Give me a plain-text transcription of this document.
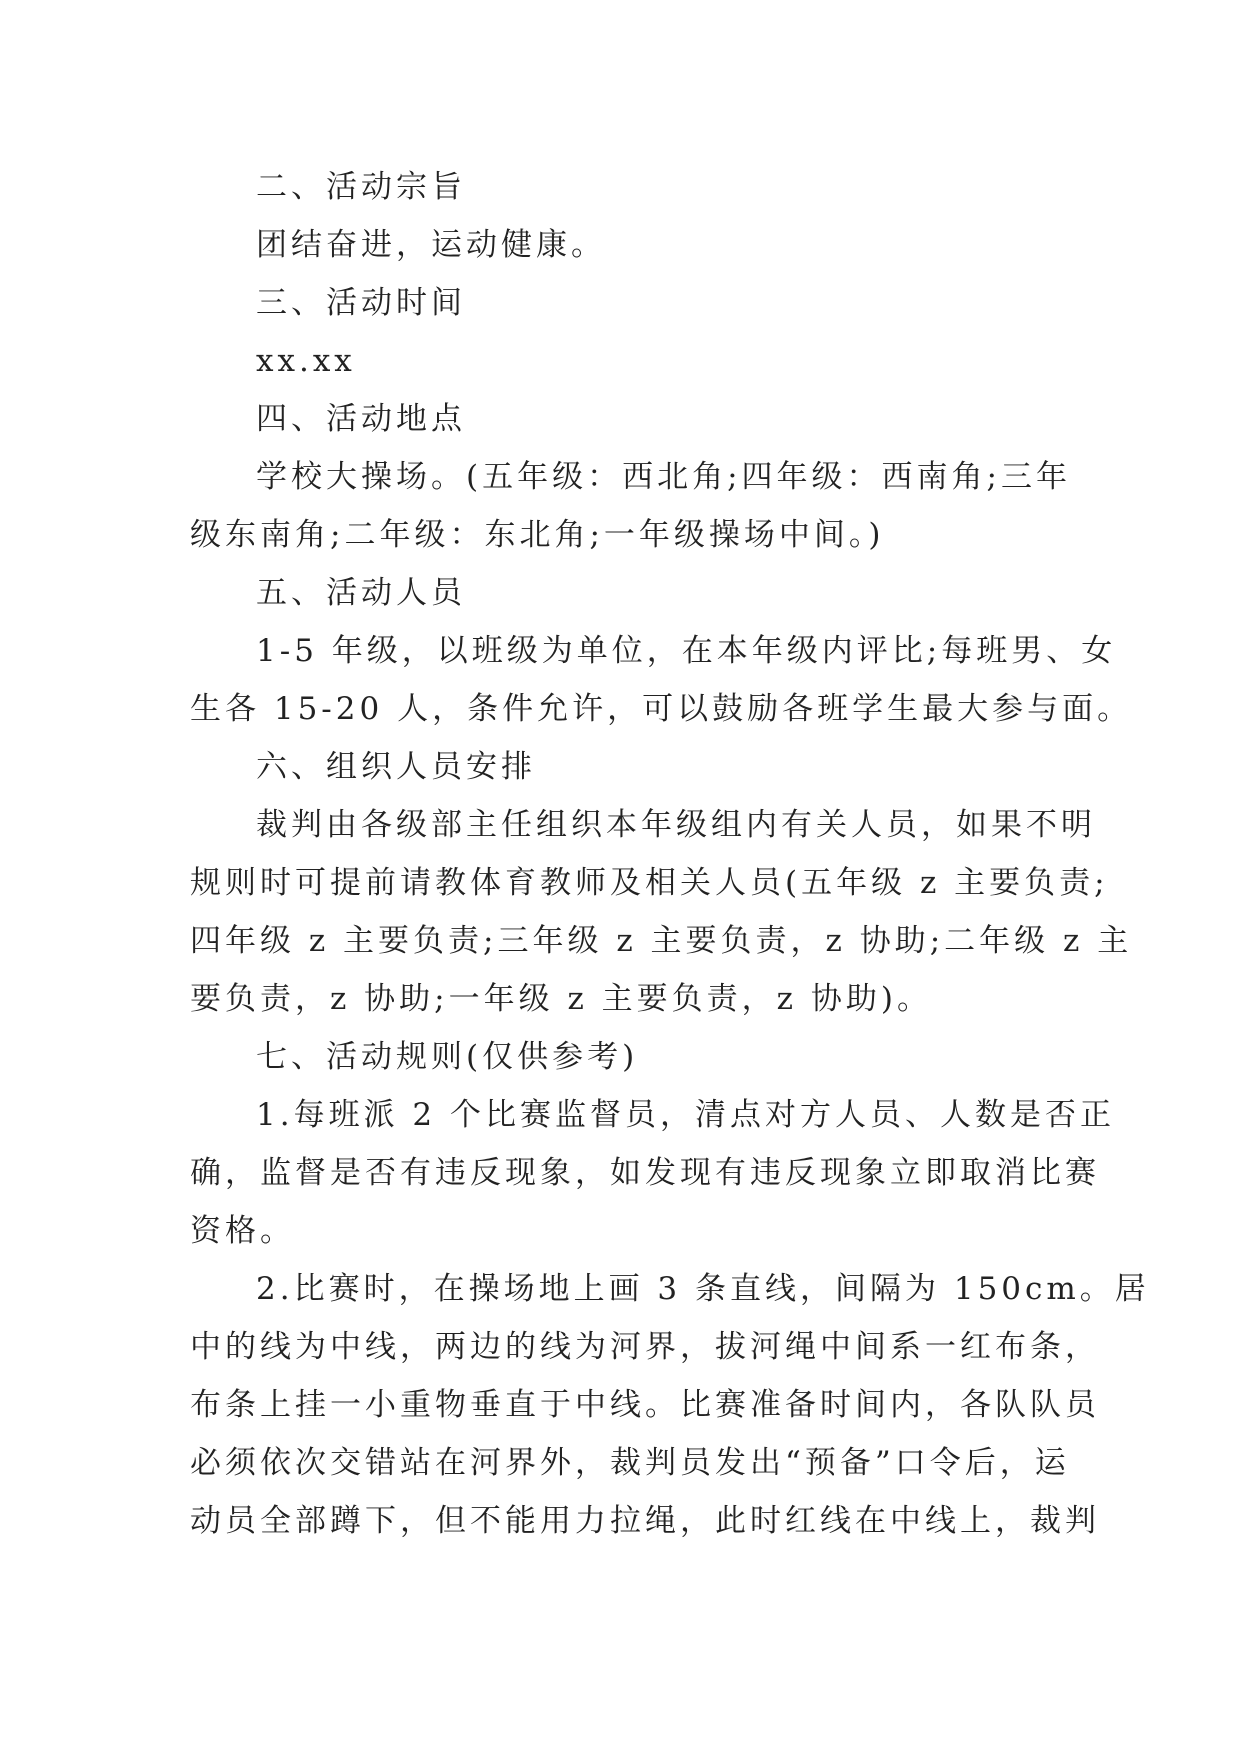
二、活动宗旨
团结奋进，运动健康。
三、活动时间
xx.xx
四、活动地点
学校大操场。(五年级：西北角;四年级：西南角;三年
级东南角;二年级：东北角;一年级操场中间。)
五、活动人员
1-5 年级，以班级为单位，在本年级内评比;每班男、女
生各 15-20 人，条件允许，可以鼓励各班学生最大参与面。
六、组织人员安排
裁判由各级部主任组织本年级组内有关人员，如果不明
规则时可提前请教体育教师及相关人员(五年级 z 主要负责;
四年级 z 主要负责;三年级 z 主要负责，z 协助;二年级 z 主
要负责，z 协助;一年级 z 主要负责，z 协助)。
七、活动规则(仅供参考)
1.每班派 2 个比赛监督员，清点对方人员、人数是否正
确，监督是否有违反现象，如发现有违反现象立即取消比赛
资格。
2.比赛时，在操场地上画 3 条直线，间隔为 150cm。居
中的线为中线，两边的线为河界，拔河绳中间系一红布条，
布条上挂一小重物垂直于中线。比赛准备时间内，各队队员
必须依次交错站在河界外，裁判员发出“预备”口令后，运
动员全部蹲下，但不能用力拉绳，此时红线在中线上，裁判
